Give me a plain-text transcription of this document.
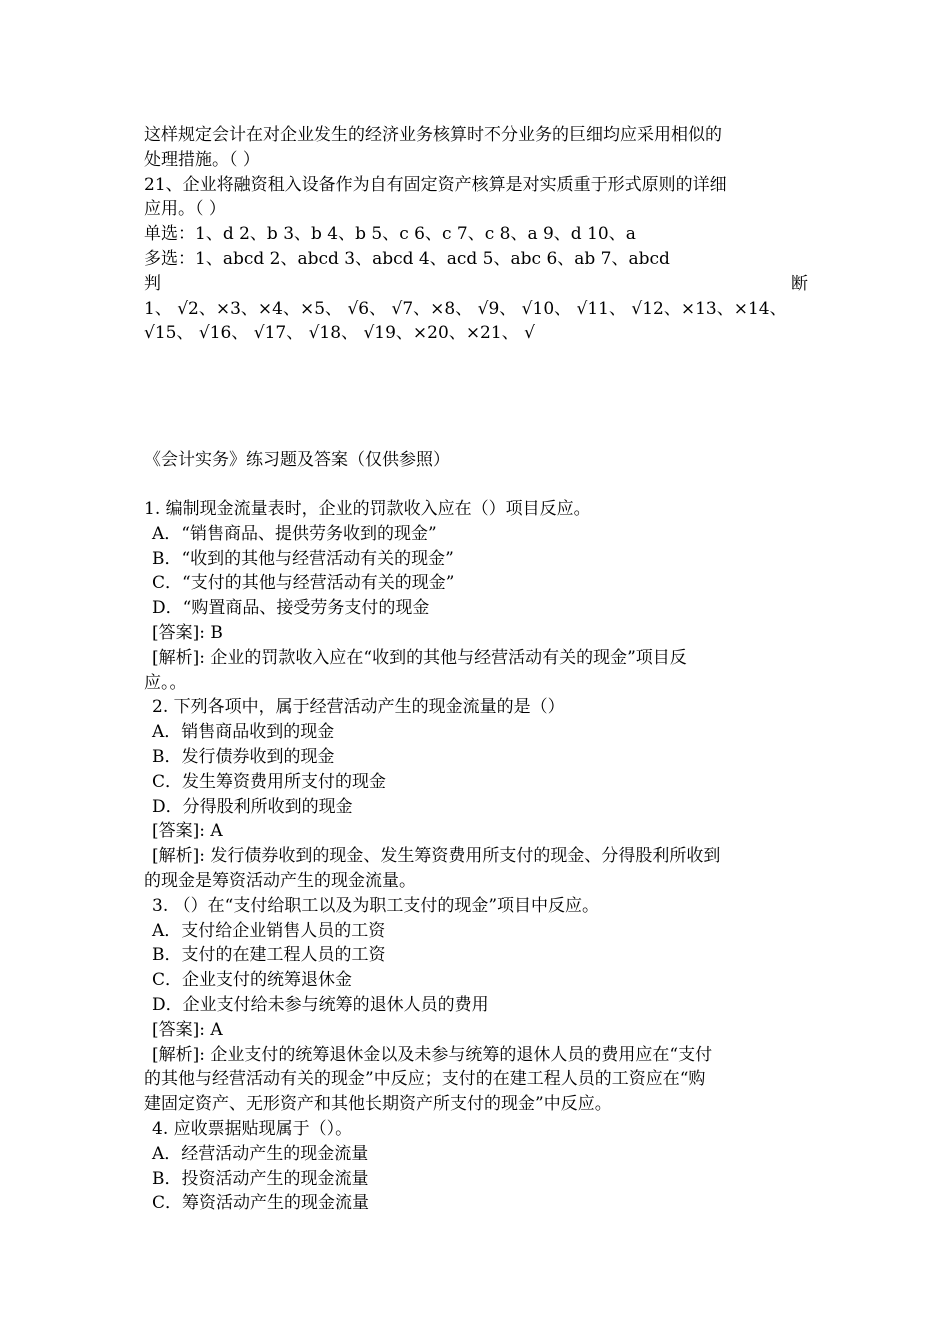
这样规定会计在对企业发生的经济业务核算时不分业务的巨细均应采用相似的
处理措施。（ ）
21、企业将融资租入设备作为自有固定资产核算是对实质重于形式原则的详细
应用。（ ）
单选：1、d 2、b 3、b 4、b 5、c 6、c 7、c 8、a 9、d 10、a
多选：1、abcd 2、abcd 3、abcd 4、acd 5、abc 6、ab 7、abcd
判	断
1、 √2、×3、×4、×5、 √6、 √7、×8、 √9、 √10、 √11、 √12、×13、×14、
√15、 √16、 √17、 √18、 √19、×20、×21、 √
《会计实务》练习题及答案（仅供参照）
1. 编制现金流量表时，企业的罚款收入应在（）项目反应。
A．“销售商品、提供劳务收到的现金”
B．“收到的其他与经营活动有关的现金”
C．“支付的其他与经营活动有关的现金”
D．“购置商品、接受劳务支付的现金
[答案]: B
[解析]: 企业的罚款收入应在“收到的其他与经营活动有关的现金”项目反
应。。
2. 下列各项中，属于经营活动产生的现金流量的是（）
A．销售商品收到的现金
B．发行债券收到的现金
C．发生筹资费用所支付的现金
D．分得股利所收到的现金
[答案]: A
[解析]: 发行债券收到的现金、发生筹资费用所支付的现金、分得股利所收到
的现金是筹资活动产生的现金流量。
3. （）在“支付给职工以及为职工支付的现金”项目中反应。
A．支付给企业销售人员的工资
B．支付的在建工程人员的工资
C．企业支付的统筹退休金
D．企业支付给未参与统筹的退休人员的费用
[答案]: A
[解析]: 企业支付的统筹退休金以及未参与统筹的退休人员的费用应在“支付
的其他与经营活动有关的现金”中反应；支付的在建工程人员的工资应在“购
建固定资产、无形资产和其他长期资产所支付的现金”中反应。
4. 应收票据贴现属于（）。
A．经营活动产生的现金流量
B．投资活动产生的现金流量
C．筹资活动产生的现金流量
